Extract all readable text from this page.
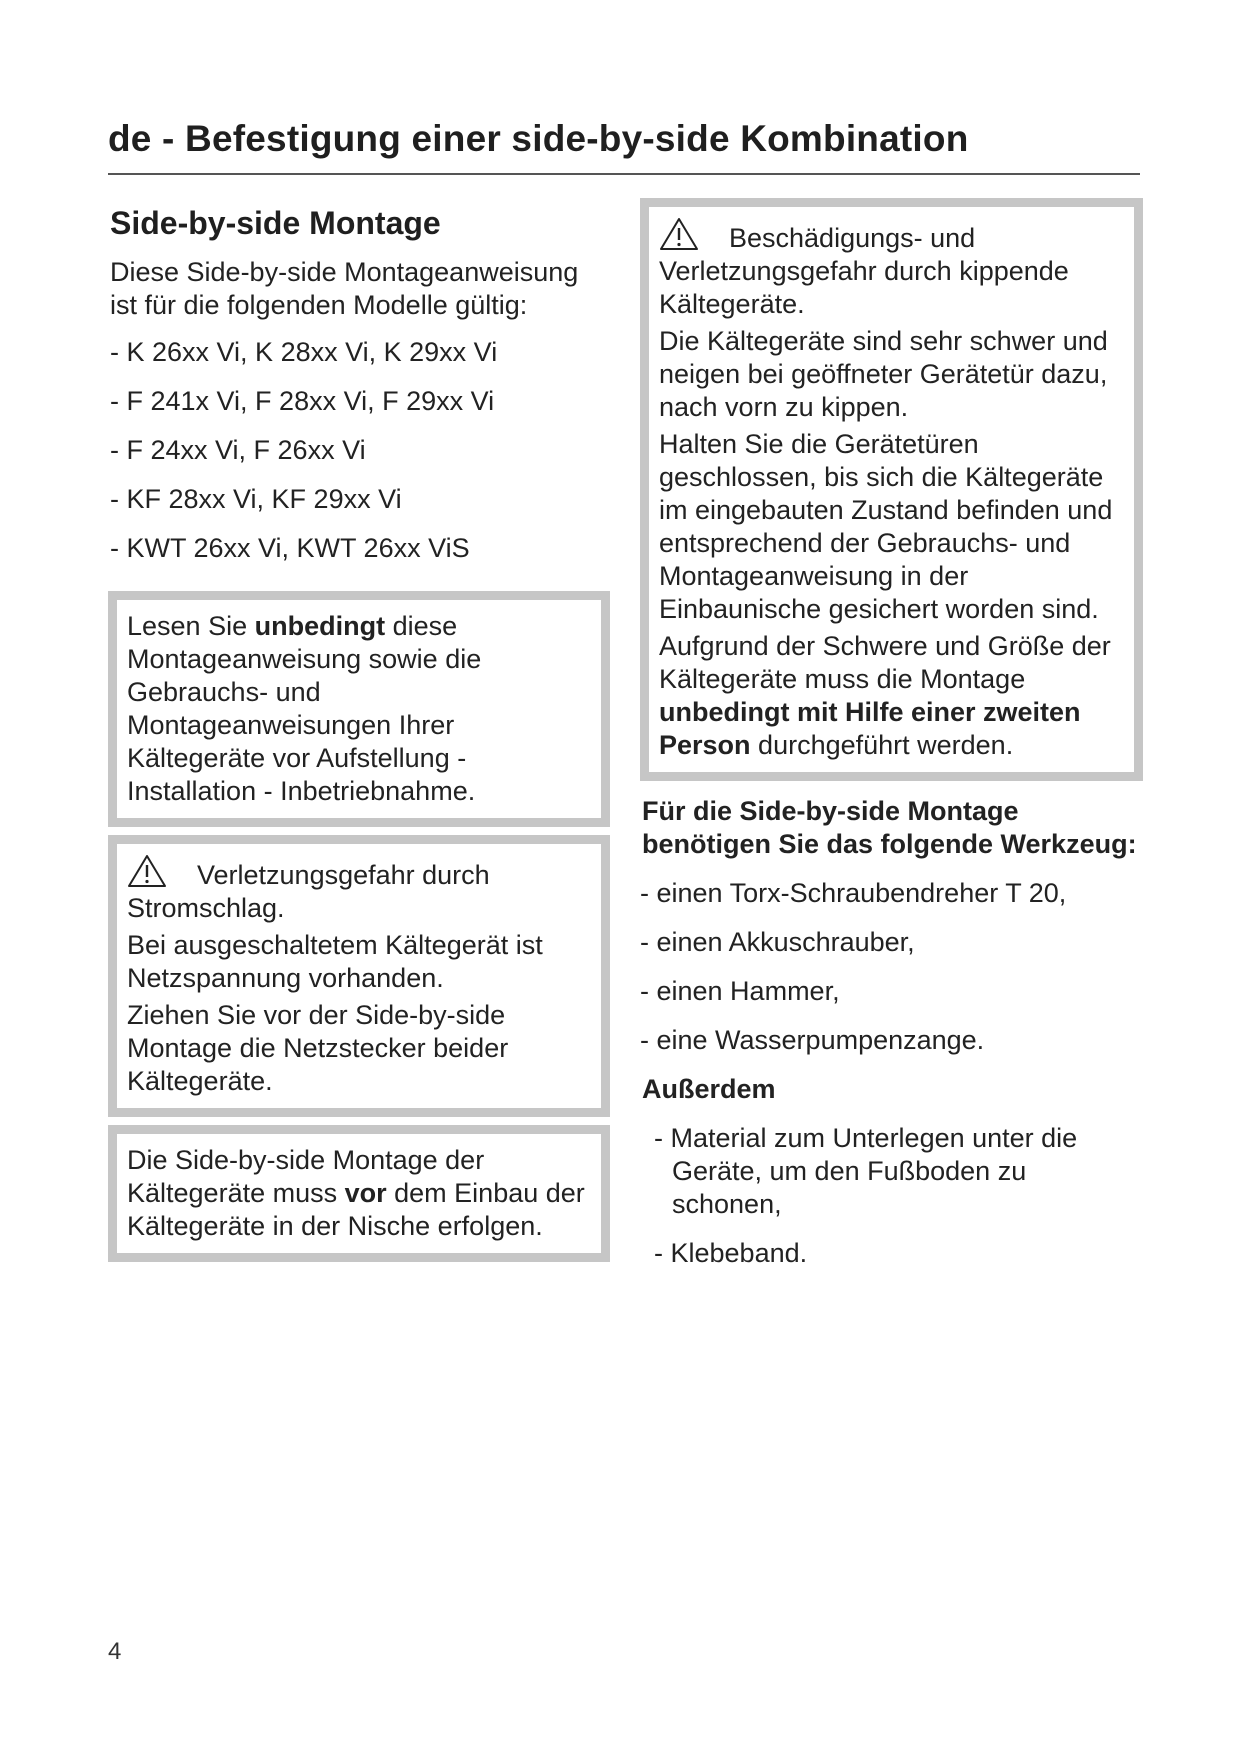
de - Befestigung einer side-by-side Kombination
Side-by-side Montage

Diese Side-by-side Montageanweisung ist für die folgenden Modelle gültig:

- K 26xx Vi, K 28xx Vi, K 29xx Vi
- F 241x Vi, F 28xx Vi, F 29xx Vi
- F 24xx Vi, F 26xx Vi
- KF 28xx Vi, KF 29xx Vi
- KWT 26xx Vi, KWT 26xx ViS

Lesen Sie unbedingt diese Montageanweisung sowie die Gebrauchs- und Montageanweisungen Ihrer Kältegeräte vor Aufstellung - Installation - Inbetriebnahme.

Verletzungsgefahr durch Stromschlag.

Bei ausgeschaltetem Kältegerät ist Netzspannung vorhanden.

Ziehen Sie vor der Side-by-side Montage die Netzstecker beider Kältegeräte.

Die Side-by-side Montage der Kältegeräte muss vor dem Einbau der Kältegeräte in der Nische erfolgen.

Beschädigungs- und Verletzungsgefahr durch kippende Kältegeräte.

Die Kältegeräte sind sehr schwer und neigen bei geöffneter Gerätetür dazu, nach vorn zu kippen.

Halten Sie die Gerätetüren geschlossen, bis sich die Kältegeräte im eingebauten Zustand befinden und entsprechend der Gebrauchs- und Montageanweisung in der Einbaunische gesichert worden sind.

Aufgrund der Schwere und Größe der Kältegeräte muss die Montage unbedingt mit Hilfe einer zweiten Person durchgeführt werden.

Für die Side-by-side Montage benötigen Sie das folgende Werkzeug:
- einen Torx-Schraubendreher T 20,
- einen Akkuschrauber,
- einen Hammer,
- eine Wasserpumpenzange.
Außerdem
- Material zum Unterlegen unter die Geräte, um den Fußboden zu schonen,
- Klebeband.
4
